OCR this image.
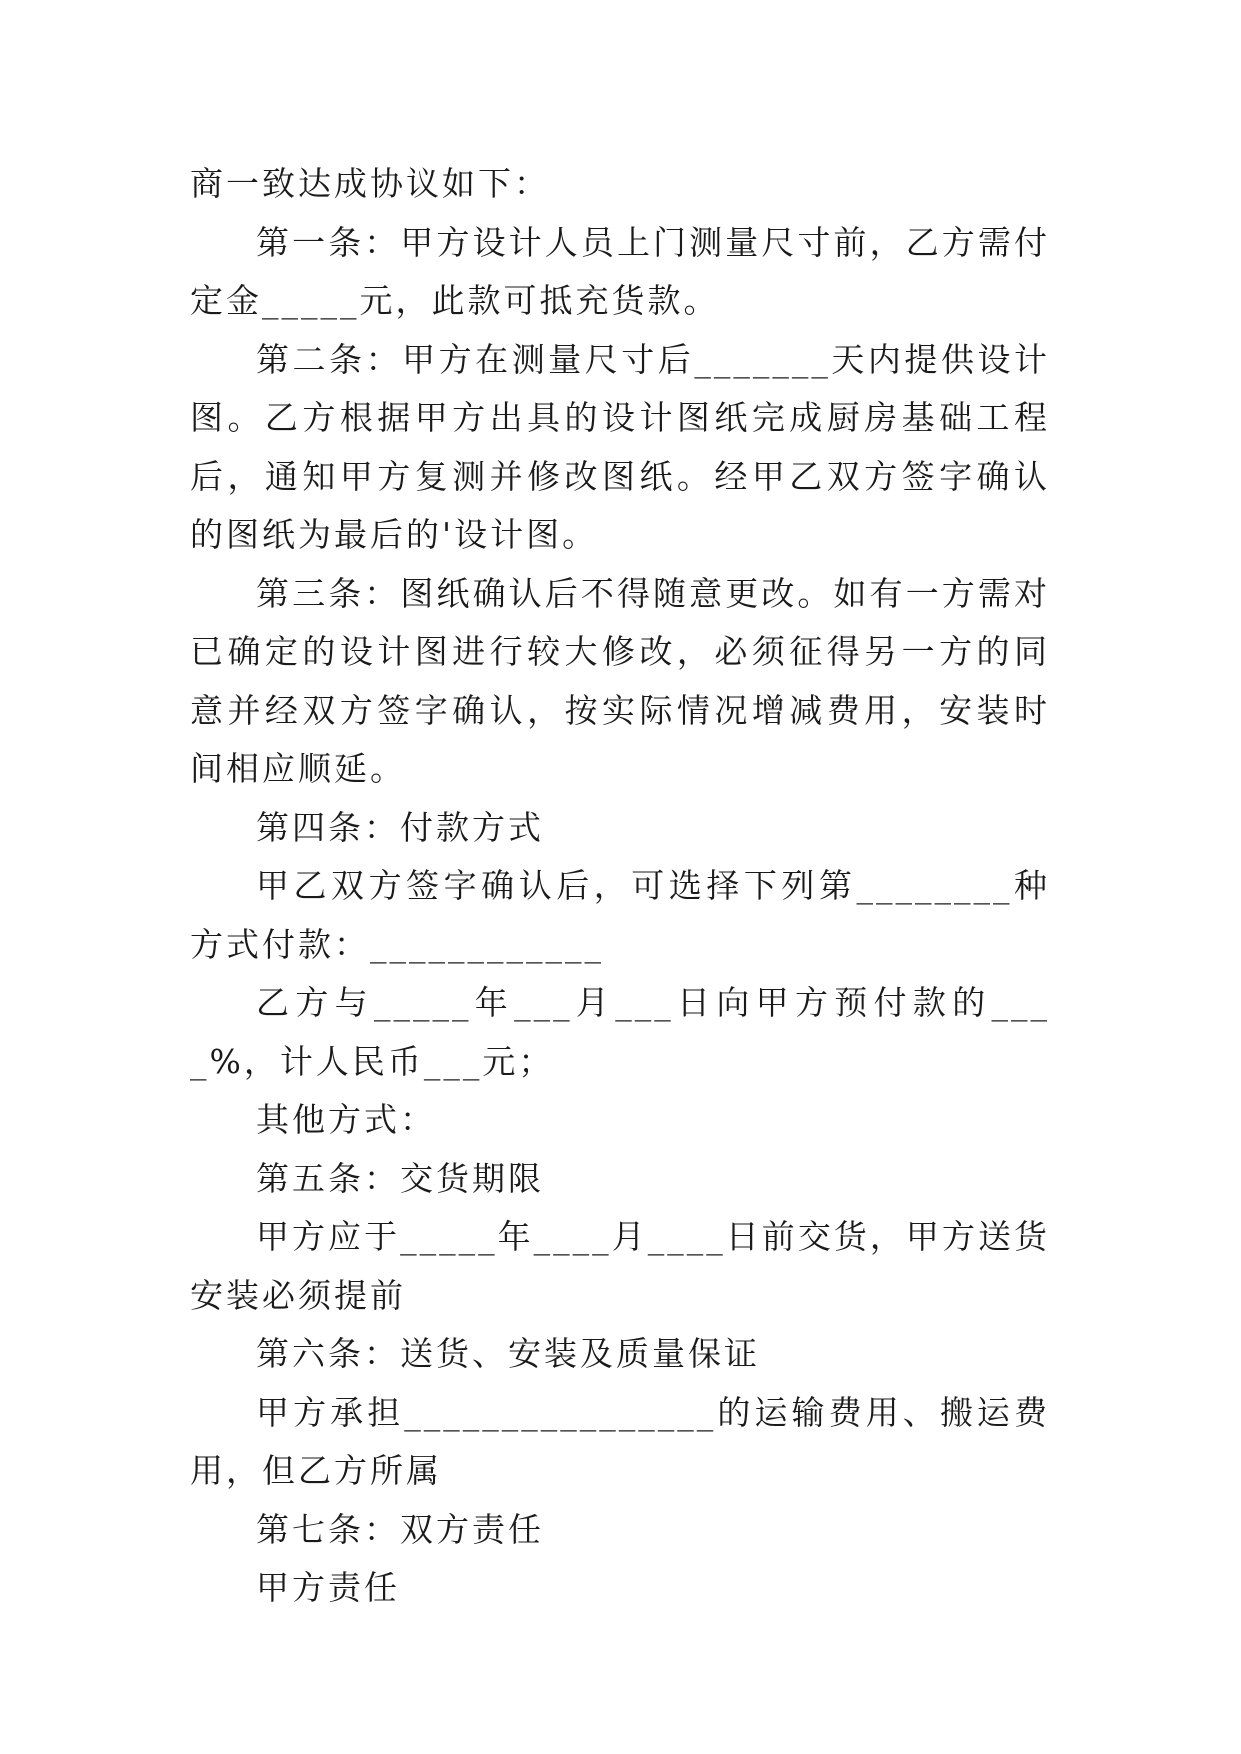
商一致达成协议如下：

第一条：甲方设计人员上门测量尺寸前，乙方需付定金_____元，此款可抵充货款。

第二条：甲方在测量尺寸后_______天内提供设计图。乙方根据甲方出具的设计图纸完成厨房基础工程后，通知甲方复测并修改图纸。经甲乙双方签字确认的图纸为最后的'设计图。

第三条：图纸确认后不得随意更改。如有一方需对已确定的设计图进行较大修改，必须征得另一方的同意并经双方签字确认，按实际情况增减费用，安装时间相应顺延。

第四条：付款方式

甲乙双方签字确认后，可选择下列第________种方式付款：____________

乙方与_____年___月___日向甲方预付款的____%，计人民币___元；

其他方式：

第五条：交货期限

甲方应于_____年____月____日前交货，甲方送货安装必须提前

第六条：送货、安装及质量保证

甲方承担________________的运输费用、搬运费用，但乙方所属

第七条：双方责任

甲方责任
